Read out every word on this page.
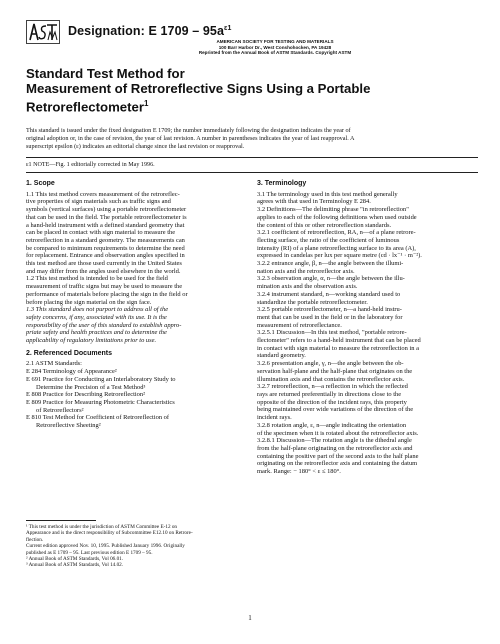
Designation: E $1709 - 95a^{\varepsilon 1}$
AMERICAN SOCIETY FOR TESTING AND MATERIALS
100 Barr Harbor Dr., West Conshohocken, PA 19428
Reprinted from the Annual Book of ASTM Standards. Copyright ASTM
Standard Test Method for
Measurement of Retroreflective Signs Using a Portable
Retroreflectometer$^1$
This standard is issued under the fixed designation E 1709; the number immediately following the designation indicates the year of
original adoption or, in the case of revision, the year of last revision. A number in parentheses indicates the year of last reapproval. A
superscript epsilon (ε) indicates an editorial change since the last revision or reapproval.
ε1 NOTE—Fig. 1 editorially corrected in May 1996.
1. Scope
1.1 This test method covers measurement of the retroreflec-
tive properties of sign materials such as traffic signs and
symbols (vertical surfaces) using a portable retroreflectometer
that can be used in the field. The portable retroreflectometer is
a hand-held instrument with a defined standard geometry that
can be placed in contact with sign material to measure the
retroreflection in a standard geometry. The measurements can
be compared to minimum requirements to determine the need
for replacement. Entrance and observation angles specified in
this test method are those used currently in the United States
and may differ from the angles used elsewhere in the world.
1.2 This test method is intended to be used for the field
measurement of traffic signs but may be used to measure the
performance of materials before placing the sign in the field or
before placing the sign material on the sign face.
1.3 This standard does not purport to address all of the
safety concerns, if any, associated with its use. It is the
responsibility of the user of this standard to establish appro-
priate safety and health practices and to determine the
applicability of regulatory limitations prior to use.
2. Referenced Documents
2.1 ASTM Standards:
E 284 Terminology of Appearance²
E 691 Practice for Conducting an Interlaboratory Study to
Determine the Precision of a Test Method³
E 808 Practice for Describing Retroreflection²
E 809 Practice for Measuring Photometric Characteristics
of Retroreflectors²
E 810 Test Method for Coefficient of Retroreflection of
Retroreflective Sheeting²
3. Terminology
3.1 The terminology used in this test method generally
agrees with that used in Terminology E 284.
3.2 Definitions—The delimiting phrase "in retroreflection"
applies to each of the following definitions when used outside
the content of this or other retroreflection standards.
3.2.1 coefficient of retroreflection, RA, n—of a plane retrore-
flecting surface, the ratio of the coefficient of luminous
intensity (RI) of a plane retroreflecting surface to its area (A),
expressed in candelas per lux per square metre (cd · lx⁻¹ · m⁻²).
3.2.2 entrance angle, β, n—the angle between the illumi-
nation axis and the retroreflector axis.
3.2.3 observation angle, α, n—the angle between the illu-
mination axis and the observation axis.
3.2.4 instrument standard, n—working standard used to
standardize the portable retroreflectometer.
3.2.5 portable retroreflectometer, n—a hand-held instru-
ment that can be used in the field or in the laboratory for
measurement of retroreflectance.
3.2.5.1 Discussion—In this test method, "portable retrore-
flectometer" refers to a hand-held instrument that can be placed
in contact with sign material to measure the retroreflection in a
standard geometry.
3.2.6 presentation angle, γ, n—the angle between the ob-
servation half-plane and the half-plane that originates on the
illumination axis and that contains the retroreflector axis.
3.2.7 retroreflection, n—a reflection in which the reflected
rays are returned preferentially in directions close to the
opposite of the direction of the incident rays, this property
being maintained over wide variations of the direction of the
incident rays.
3.2.8 rotation angle, ε, n—angle indicating the orientation
of the specimen when it is rotated about the retroreflector axis.
3.2.8.1 Discussion—The rotation angle is the dihedral angle
from the half-plane originating on the retroreflector axis and
containing the positive part of the second axis to the half plane
originating on the retroreflector axis and containing the datum
mark. Range: − 180° < ε ≤ 180°.
¹ This test method is under the jurisdiction of ASTM Committee E-12 on
Appearance and is the direct responsibility of Subcommittee E12.10 on Retrore-
flection.
Current edition approved Nov. 10, 1995. Published January 1996. Originally
published as E 1709 – 95. Last previous edition E 1709 – 95.
² Annual Book of ASTM Standards, Vol 06.01.
³ Annual Book of ASTM Standards, Vol 14.02.
1
